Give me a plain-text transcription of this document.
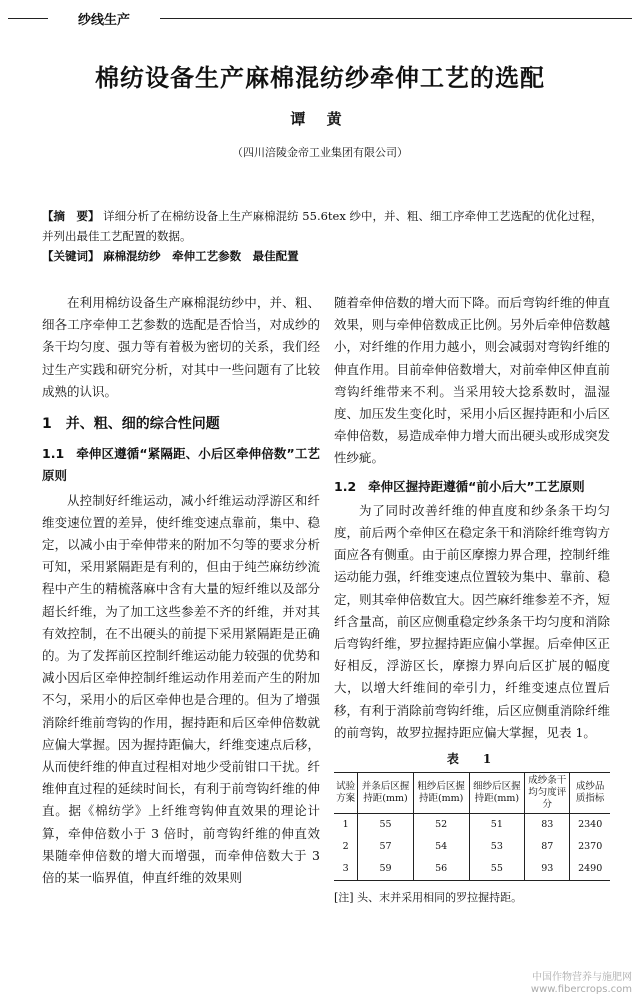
纱线生产
棉纺设备生产麻棉混纺纱牵伸工艺的选配
谭 黄
（四川涪陵金帝工业集团有限公司）

【摘　要】 详细分析了在棉纺设备上生产麻棉混纺 55.6tex 纱中，并、粗、细工序牵伸工艺选配的优化过程，并列出最佳工艺配置的数据。

【关键词】 麻棉混纺纱　牵伸工艺参数　最佳配置

在利用棉纺设备生产麻棉混纺纱中，并、粗、细各工序牵伸工艺参数的选配是否恰当，对成纱的条干均匀度、强力等有着极为密切的关系，我们经过生产实践和研究分析，对其中一些问题有了比较成熟的认识。

1　并、粗、细的综合性问题
1.1 牵伸区遵循“紧隔距、小后区牵伸倍数”工艺原则

从控制好纤维运动，减小纤维运动浮游区和纤维变速位置的差异，使纤维变速点靠前，集中、稳定，以减小由于牵伸带来的附加不匀等的要求分析可知，采用紧隔距是有利的，但由于纯苎麻纺纱流程中产生的精梳落麻中含有大量的短纤维以及部分超长纤维，为了加工这些参差不齐的纤维，并对其有效控制，在不出硬头的前提下采用紧隔距是正确的。为了发挥前区控制纤维运动能力较强的优势和减小因后区牵伸控制纤维运动作用差而产生的附加不匀，采用小的后区牵伸也是合理的。但为了增强消除纤维前弯钩的作用，握持距和后区牵伸倍数就应偏大掌握。因为握持距偏大，纤维变速点后移，从而使纤维的伸直过程相对地少受前钳口干扰。纤维伸直过程的延续时间长，有利于前弯钩纤维的伸直。据《棉纺学》上纤维弯钩伸直效果的理论计算，牵伸倍数小于 3 倍时，前弯钩纤维的伸直效果随牵伸倍数的增大而增强，而牵伸倍数大于 3 倍的某一临界值，伸直纤维的效果则

随着牵伸倍数的增大而下降。而后弯钩纤维的伸直效果，则与牵伸倍数成正比例。另外后牵伸倍数越小，对纤维的作用力越小，则会减弱对弯钩纤维的伸直作用。目前牵伸倍数增大，对前牵伸区伸直前弯钩纤维带来不利。当采用较大捻系数时，温湿度、加压发生变化时，采用小后区握持距和小后区牵伸倍数，易造成牵伸力增大而出硬头或形成突发性纱疵。

1.2 牵伸区握持距遵循“前小后大”工艺原则

为了同时改善纤维的伸直度和纱条条干均匀度，前后两个牵伸区在稳定条干和消除纤维弯钩方面应各有侧重。由于前区摩擦力界合理，控制纤维运动能力强，纤维变速点位置较为集中、靠前、稳定，则其牵伸倍数宜大。因苎麻纤维参差不齐，短纤含量高，前区应侧重稳定纱条条干均匀度和消除后弯钩纤维，罗拉握持距应偏小掌握。后牵伸区正好相反，浮游区长，摩擦力界向后区扩展的幅度大，以增大纤维间的牵引力，纤维变速点位置后移，有利于消除前弯钩纤维，后区应侧重消除纤维的前弯钩，故罗拉握持距应偏大掌握，见表 1。

表　1
试验方案	并条后区握持距(mm)	粗纱后区握持距(mm)	细纱后区握持距(mm)	成纱条干均匀度评分	成纱品质指标
1	55	52	51	83	2340
2	57	54	53	87	2370
3	59	56	55	93	2490
[注] 头、末并采用相同的罗拉握持距。
中国作物营养与施肥网
www.fibercrops.com
